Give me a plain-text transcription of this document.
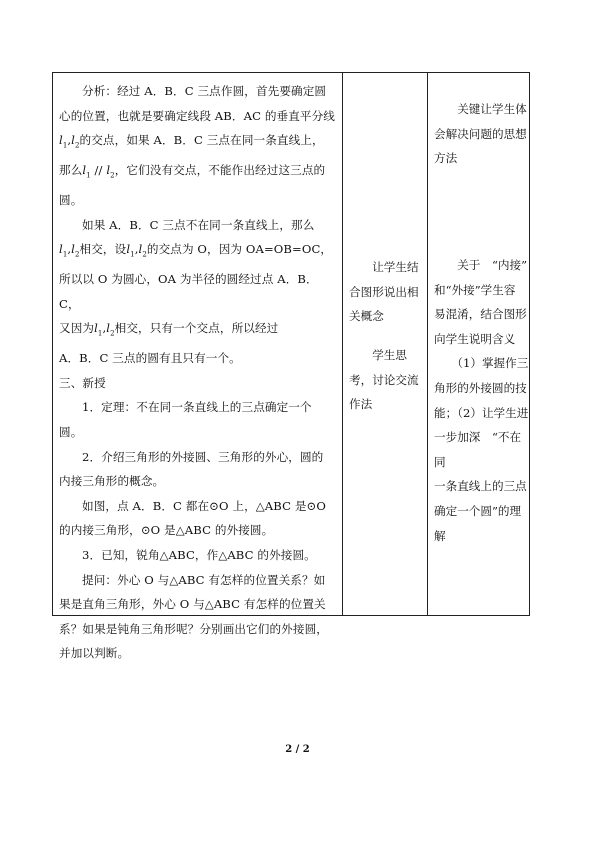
分析：经过 A．B．C 三点作圆，首先要确定圆

心的位置，也就是要确定线段 AB．AC 的垂直平分线

$l_1,l_2$的交点，如果 A．B．C 三点在同一条直线上，

那么$l_1 // l_2$，它们没有交点，不能作出经过这三点的

圆。

如果 A．B．C 三点不在同一条直线上，那么

$l_1,l_2$相交，设$l_1,l_2$的交点为 O，因为 OA=OB=OC，

所以以 O 为圆心，OA 为半径的圆经过点 A．B．C，

又因为$l_1,l_2$相交，只有一个交点，所以经过

A．B．C 三点的圆有且只有一个。

三、新授

1．定理：不在同一条直线上的三点确定一个

圆。

2．介绍三角形的外接圆、三角形的外心，圆的

内接三角形的概念。

如图，点 A．B．C 都在⊙O 上，△ABC 是⊙O

的内接三角形，⊙O 是△ABC 的外接圆。

3．已知，锐角△ABC，作△ABC 的外接圆。

提问：外心 O 与△ABC 有怎样的位置关系？如

果是直角三角形，外心 O 与△ABC 有怎样的位置关

系？如果是钝角三角形呢？分别画出它们的外接圆，

并加以判断。

　　让学生结

合图形说出相

关概念

　　学生思

考，讨论交流

作法

　　关键让学生体

会解决问题的思想

方法

　　关于　“内接”

和“外接”学生容

易混淆，结合图形

向学生说明含义

　　（1）掌握作三

角形的外接圆的技

能；（2）让学生进

一步加深　“不在同

一条直线上的三点

确定一个圆”的理

解

2 / 2
